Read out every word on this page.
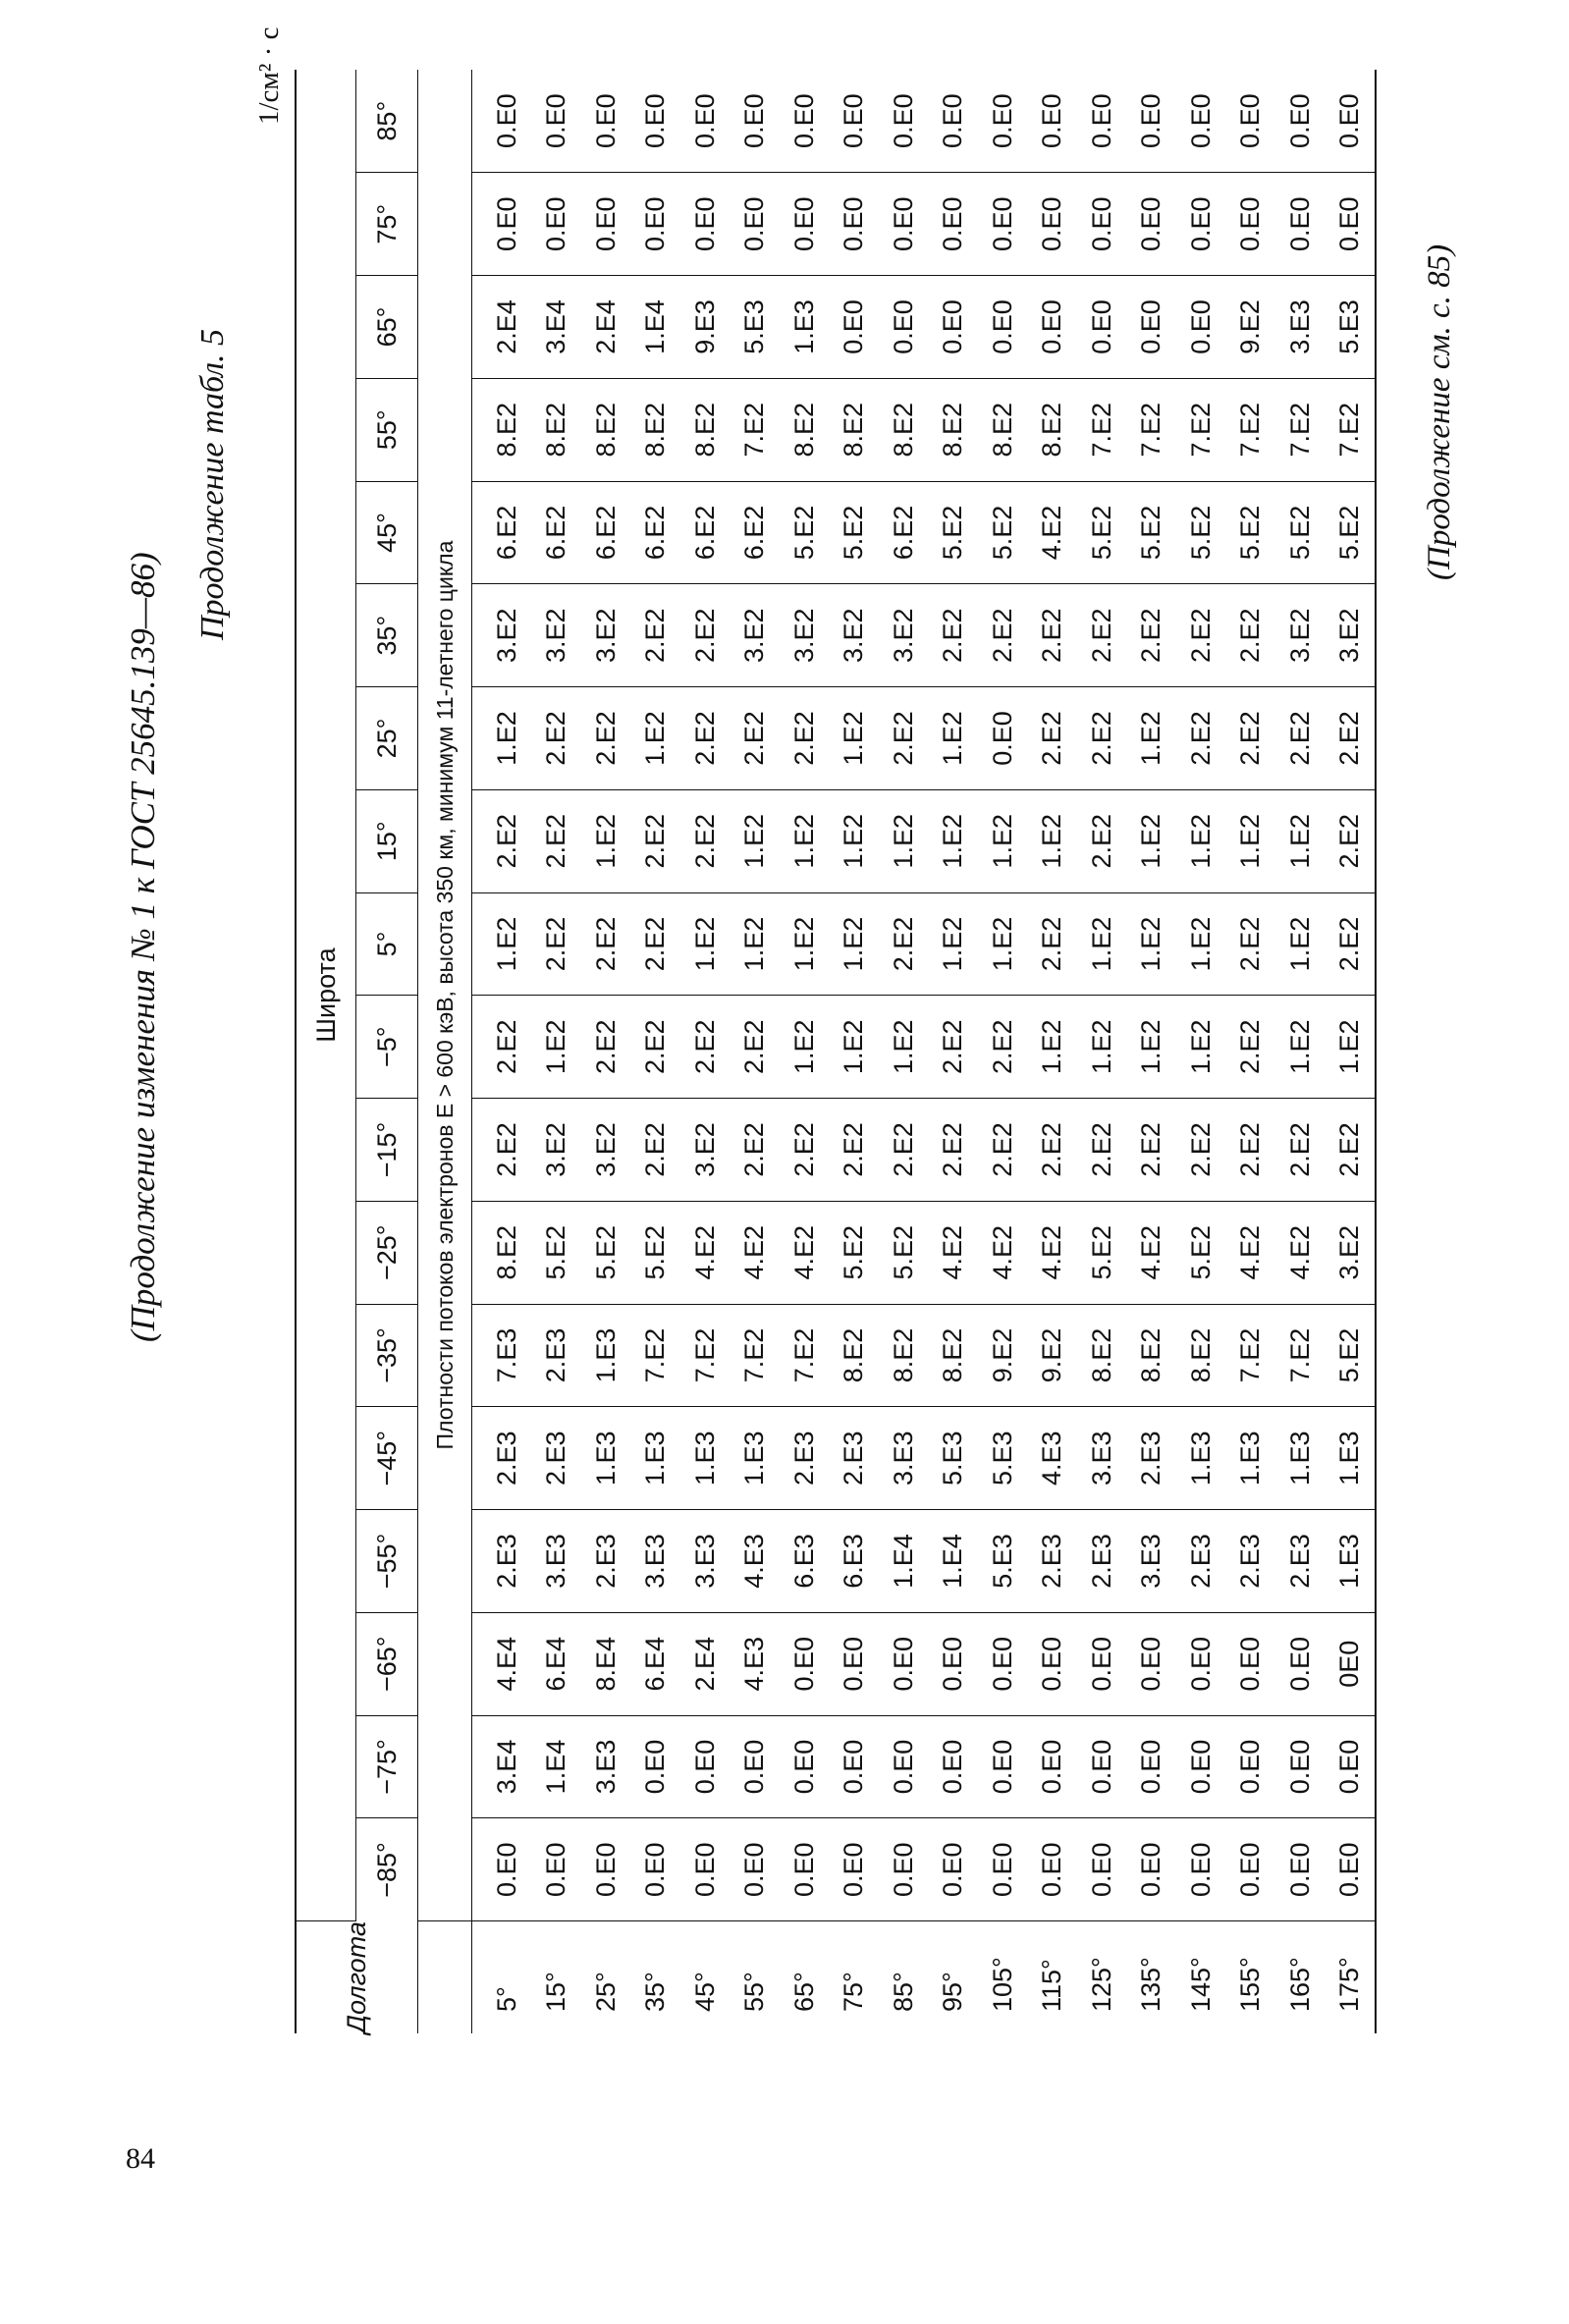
84
(Продолжение изменения № 1 к ГОСТ 25645.139—86)
Продолжение табл. 5
1/см² · с
Долгота	Широта																	
	−85°	−75°	−65°	−55°	−45°	−35°	−25°	−15°	−5°	5°	15°	25°	35°	45°	55°	65°	75°	85°
	Плотности потоков электронов E > 600 кэВ, высота 350 км, минимум 11-летнего цикла																	
5°	0.E0	3.E4	4.E4	2.E3	2.E3	7.E3	8.E2	2.E2	2.E2	1.E2	2.E2	1.E2	3.E2	6.E2	8.E2	2.E4	0.E0	0.E0
15°	0.E0	1.E4	6.E4	3.E3	2.E3	2.E3	5.E2	3.E2	1.E2	2.E2	2.E2	2.E2	3.E2	6.E2	8.E2	3.E4	0.E0	0.E0
25°	0.E0	3.E3	8.E4	2.E3	1.E3	1.E3	5.E2	3.E2	2.E2	2.E2	1.E2	2.E2	3.E2	6.E2	8.E2	2.E4	0.E0	0.E0
35°	0.E0	0.E0	6.E4	3.E3	1.E3	7.E2	5.E2	2.E2	2.E2	2.E2	2.E2	1.E2	2.E2	6.E2	8.E2	1.E4	0.E0	0.E0
45°	0.E0	0.E0	2.E4	3.E3	1.E3	7.E2	4.E2	3.E2	2.E2	1.E2	2.E2	2.E2	2.E2	6.E2	8.E2	9.E3	0.E0	0.E0
55°	0.E0	0.E0	4.E3	4.E3	1.E3	7.E2	4.E2	2.E2	2.E2	1.E2	1.E2	2.E2	3.E2	6.E2	7.E2	5.E3	0.E0	0.E0
65°	0.E0	0.E0	0.E0	6.E3	2.E3	7.E2	4.E2	2.E2	1.E2	1.E2	1.E2	2.E2	3.E2	5.E2	8.E2	1.E3	0.E0	0.E0
75°	0.E0	0.E0	0.E0	6.E3	2.E3	8.E2	5.E2	2.E2	1.E2	1.E2	1.E2	1.E2	3.E2	5.E2	8.E2	0.E0	0.E0	0.E0
85°	0.E0	0.E0	0.E0	1.E4	3.E3	8.E2	5.E2	2.E2	1.E2	2.E2	1.E2	2.E2	3.E2	6.E2	8.E2	0.E0	0.E0	0.E0
95°	0.E0	0.E0	0.E0	1.E4	5.E3	8.E2	4.E2	2.E2	2.E2	1.E2	1.E2	1.E2	2.E2	5.E2	8.E2	0.E0	0.E0	0.E0
105°	0.E0	0.E0	0.E0	5.E3	5.E3	9.E2	4.E2	2.E2	2.E2	1.E2	1.E2	0.E0	2.E2	5.E2	8.E2	0.E0	0.E0	0.E0
115°	0.E0	0.E0	0.E0	2.E3	4.E3	9.E2	4.E2	2.E2	1.E2	2.E2	1.E2	2.E2	2.E2	4.E2	8.E2	0.E0	0.E0	0.E0
125°	0.E0	0.E0	0.E0	2.E3	3.E3	8.E2	5.E2	2.E2	1.E2	1.E2	2.E2	2.E2	2.E2	5.E2	7.E2	0.E0	0.E0	0.E0
135°	0.E0	0.E0	0.E0	3.E3	2.E3	8.E2	4.E2	2.E2	1.E2	1.E2	1.E2	1.E2	2.E2	5.E2	7.E2	0.E0	0.E0	0.E0
145°	0.E0	0.E0	0.E0	2.E3	1.E3	8.E2	5.E2	2.E2	1.E2	1.E2	1.E2	2.E2	2.E2	5.E2	7.E2	0.E0	0.E0	0.E0
155°	0.E0	0.E0	0.E0	2.E3	1.E3	7.E2	4.E2	2.E2	2.E2	2.E2	1.E2	2.E2	2.E2	5.E2	7.E2	9.E2	0.E0	0.E0
165°	0.E0	0.E0	0.E0	2.E3	1.E3	7.E2	4.E2	2.E2	1.E2	1.E2	1.E2	2.E2	3.E2	5.E2	7.E2	3.E3	0.E0	0.E0
175°	0.E0	0.E0	0E0	1.E3	1.E3	5.E2	3.E2	2.E2	1.E2	2.E2	2.E2	2.E2	3.E2	5.E2	7.E2	5.E3	0.E0	0.E0
(Продолжение см. с. 85)
